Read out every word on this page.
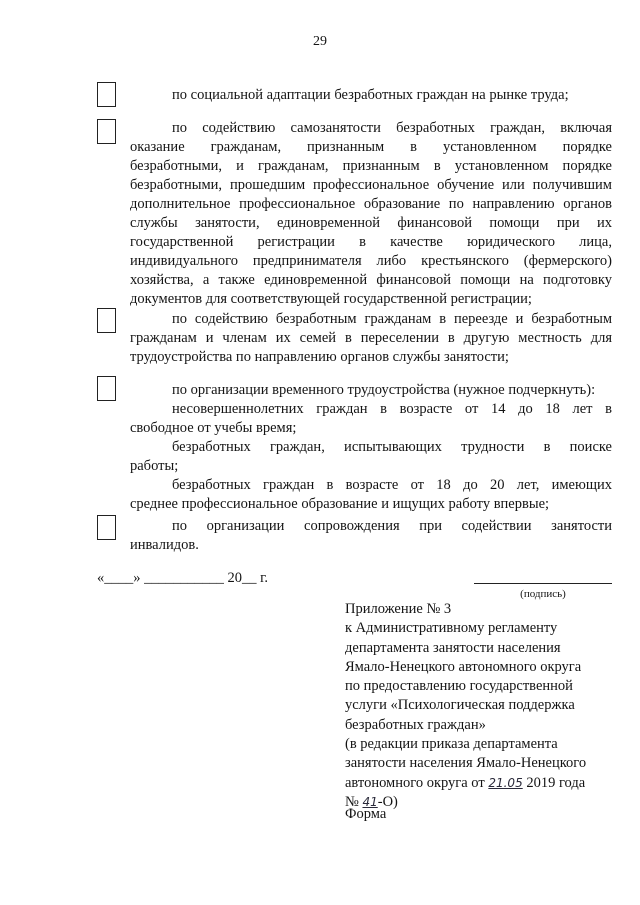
29

по социальной адаптации безработных граждан на рынке труда;

по содействию самозанятости безработных граждан, включая

оказание гражданам, признанным в установленном порядке

безработными, и гражданам, признанным в установленном порядке

безработными, прошедшим профессиональное обучение или получившим

дополнительное профессиональное образование по направлению органов

службы занятости, единовременной финансовой помощи при их

государственной регистрации в качестве юридического лица,

индивидуального предпринимателя либо крестьянского (фермерского)

хозяйства, а также единовременной финансовой помощи на подготовку

документов для соответствующей государственной регистрации;

по содействию безработным гражданам в переезде и безработным

гражданам и членам их семей в переселении в другую местность для

трудоустройства по направлению органов службы занятости;

по организации временного трудоустройства (нужное подчеркнуть):

несовершеннолетних граждан в возрасте от 14 до 18 лет в

свободное от учебы время;

безработных граждан, испытывающих трудности в поиске

работы;

безработных граждан в возрасте от 18 до 20 лет, имеющих

среднее профессиональное образование и ищущих работу впервые;

по организации сопровождения при содействии занятости

инвалидов.

«____» ___________ 20__ г.
(подпись)
Приложение № 3
к Административному регламенту
департамента занятости населения
Ямало-Ненецкого автономного округа
по предоставлению государственной
услуги «Психологическая поддержка
безработных граждан»
(в редакции приказа департамента
занятости населения Ямало-Ненецкого
автономного округа от 21.05 2019 года
№ 41-О)
Форма
